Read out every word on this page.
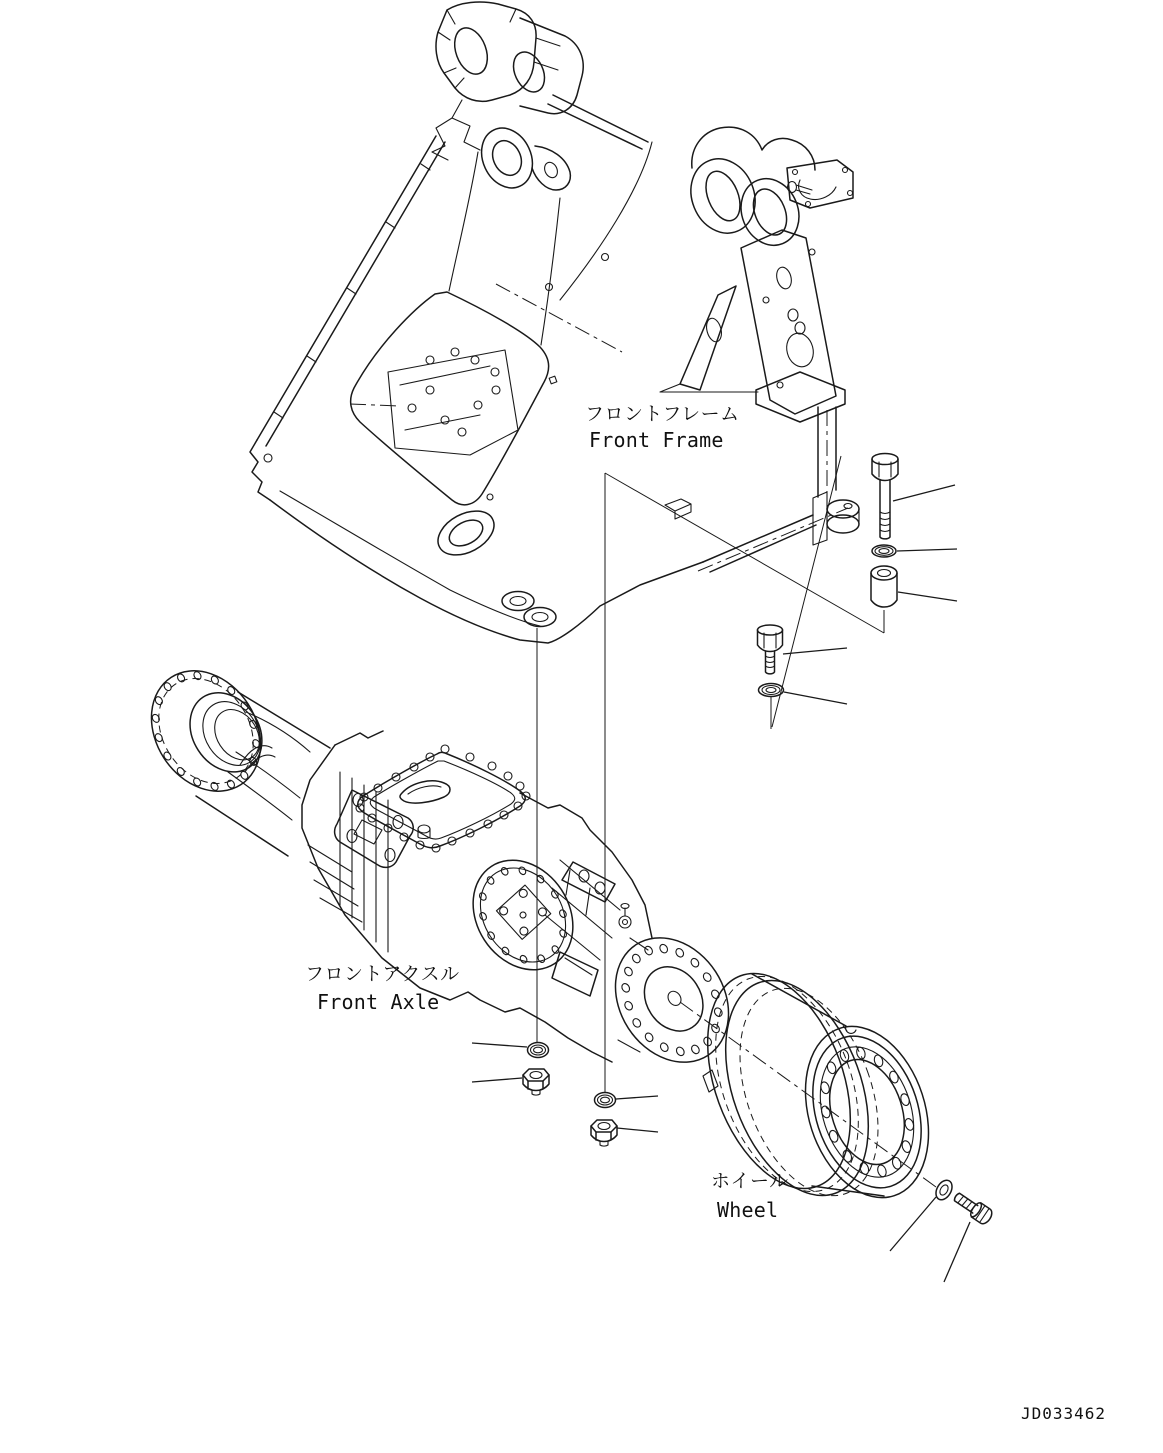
フロントフレーム
Front Frame
フロントアクスル
Front Axle
ホイール
Wheel
JD033462
